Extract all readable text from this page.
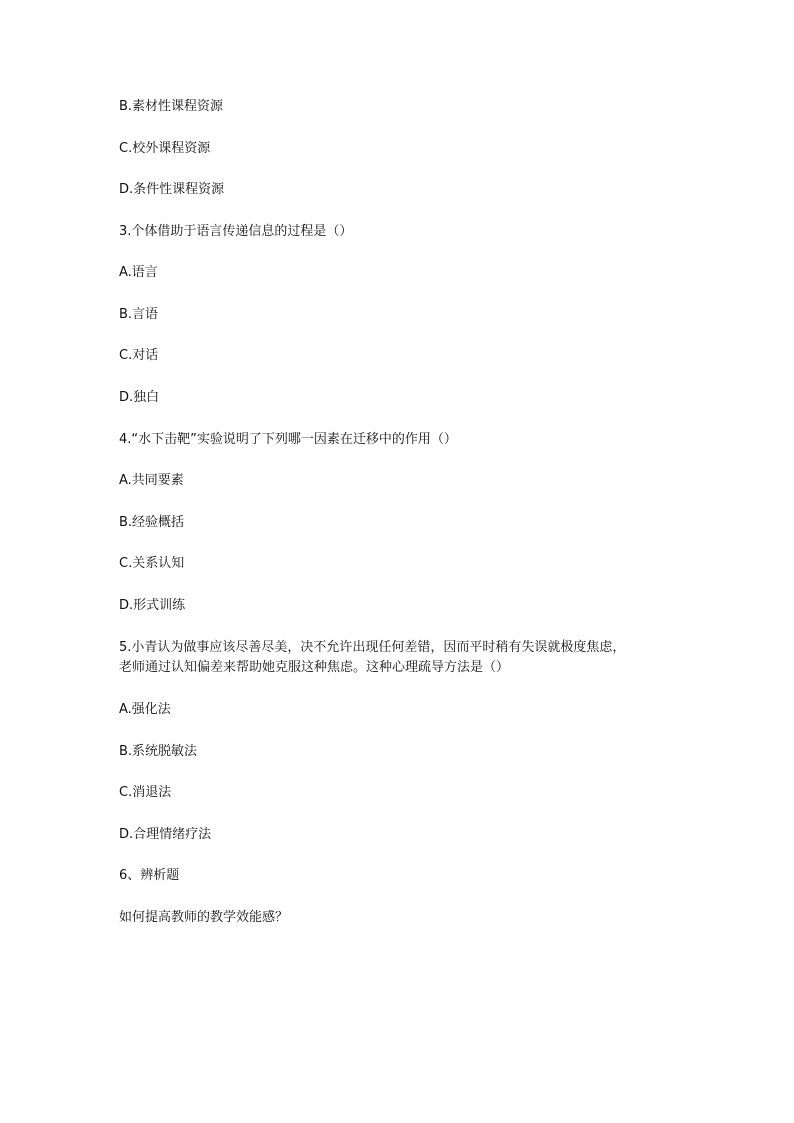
B.素材性课程资源
C.校外课程资源
D.条件性课程资源
3.个体借助于语言传递信息的过程是（）
A.语言
B.言语
C.对话
D.独白
4.“水下击靶”实验说明了下列哪一因素在迁移中的作用（）
A.共同要素
B.经验概括
C.关系认知
D.形式训练
5.小青认为做事应该尽善尽美，决不允许出现任何差错，因而平时稍有失误就极度焦虑，
老师通过认知偏差来帮助她克服这种焦虑。这种心理疏导方法是（）
A.强化法
B.系统脱敏法
C.消退法
D.合理情绪疗法
6、辨析题
如何提高教师的教学效能感？
